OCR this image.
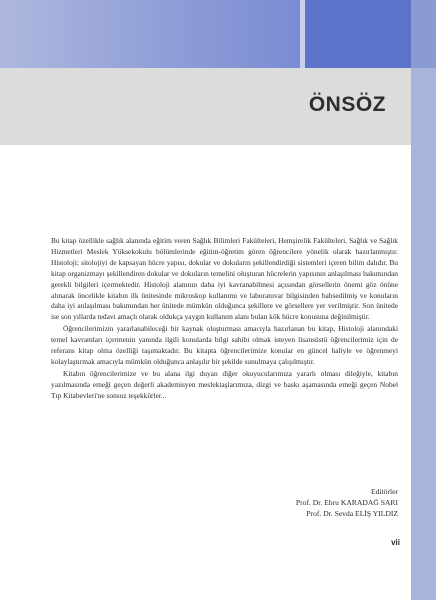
ÖNSÖZ

Bu kitap özellikle sağlık alanında eğitim veren Sağlık Bilimleri Fakülteleri, Hemşirelik Fakülteleri, Sağlık ve Sağlık Hizmetleri Meslek Yüksekokulu bölümlerinde eğitim-öğretim gören öğrencilere yönelik olarak hazırlanmıştır. Histoloji; sitolojiyi de kapsayan hücre yapısı, dokular ve dokuların şekillendirdiği sistemleri içeren bilim dalıdır. Bu kitap organizmayı şekillendiren dokular ve dokuların temelini oluşturan hücrelerin yapısının anlaşılması bakımından gerekli bilgileri içermektedir. Histoloji alanının daha iyi kavranabilmesi açısından görsellerin önemi göz önüne alınarak öncelikle kitabın ilk ünitesinde mikroskop kullanımı ve laboratuvar bilgisinden bahsedilmiş ve konuların daha iyi anlaşılması bakımından her ünitede mümkün olduğunca şekillere ve görsellere yer verilmiştir. Son ünitede ise son yıllarda tedavi amaçlı olarak oldukça yaygın kullanım alanı bulan kök hücre konusuna değinilmiştir.

Öğrencilerimizin yararlanabileceği bir kaynak oluşturması amacıyla hazırlanan bu kitap, Histoloji alanındaki temel kavramları içermenin yanında ilgili konularda bilgi sahibi olmak isteyen lisansüstü öğrencilerimiz için de referans kitap olma özelliği taşımaktadır. Bu kitapta öğrencilerimize konular en güncel haliyle ve öğrenmeyi kolaylaştırmak amacıyla mümkün olduğunca anlaşılır bir şekilde sunulmaya çalışılmıştır.

Kitabın öğrencilerimize ve bu alana ilgi duyan diğer okuyucularımıza yararlı olması dileğiyle, kitabın yazılmasında emeği geçen değerli akademisyen meslektaşlarımıza, dizgi ve baskı aşamasında emeği geçen Nobel Tıp Kitabevleri'ne sonsuz teşekkürler...

Editörler
Prof. Dr. Ebru KARADAĞ SARI
Prof. Dr. Sevda ELİŞ YILDIZ
vii
